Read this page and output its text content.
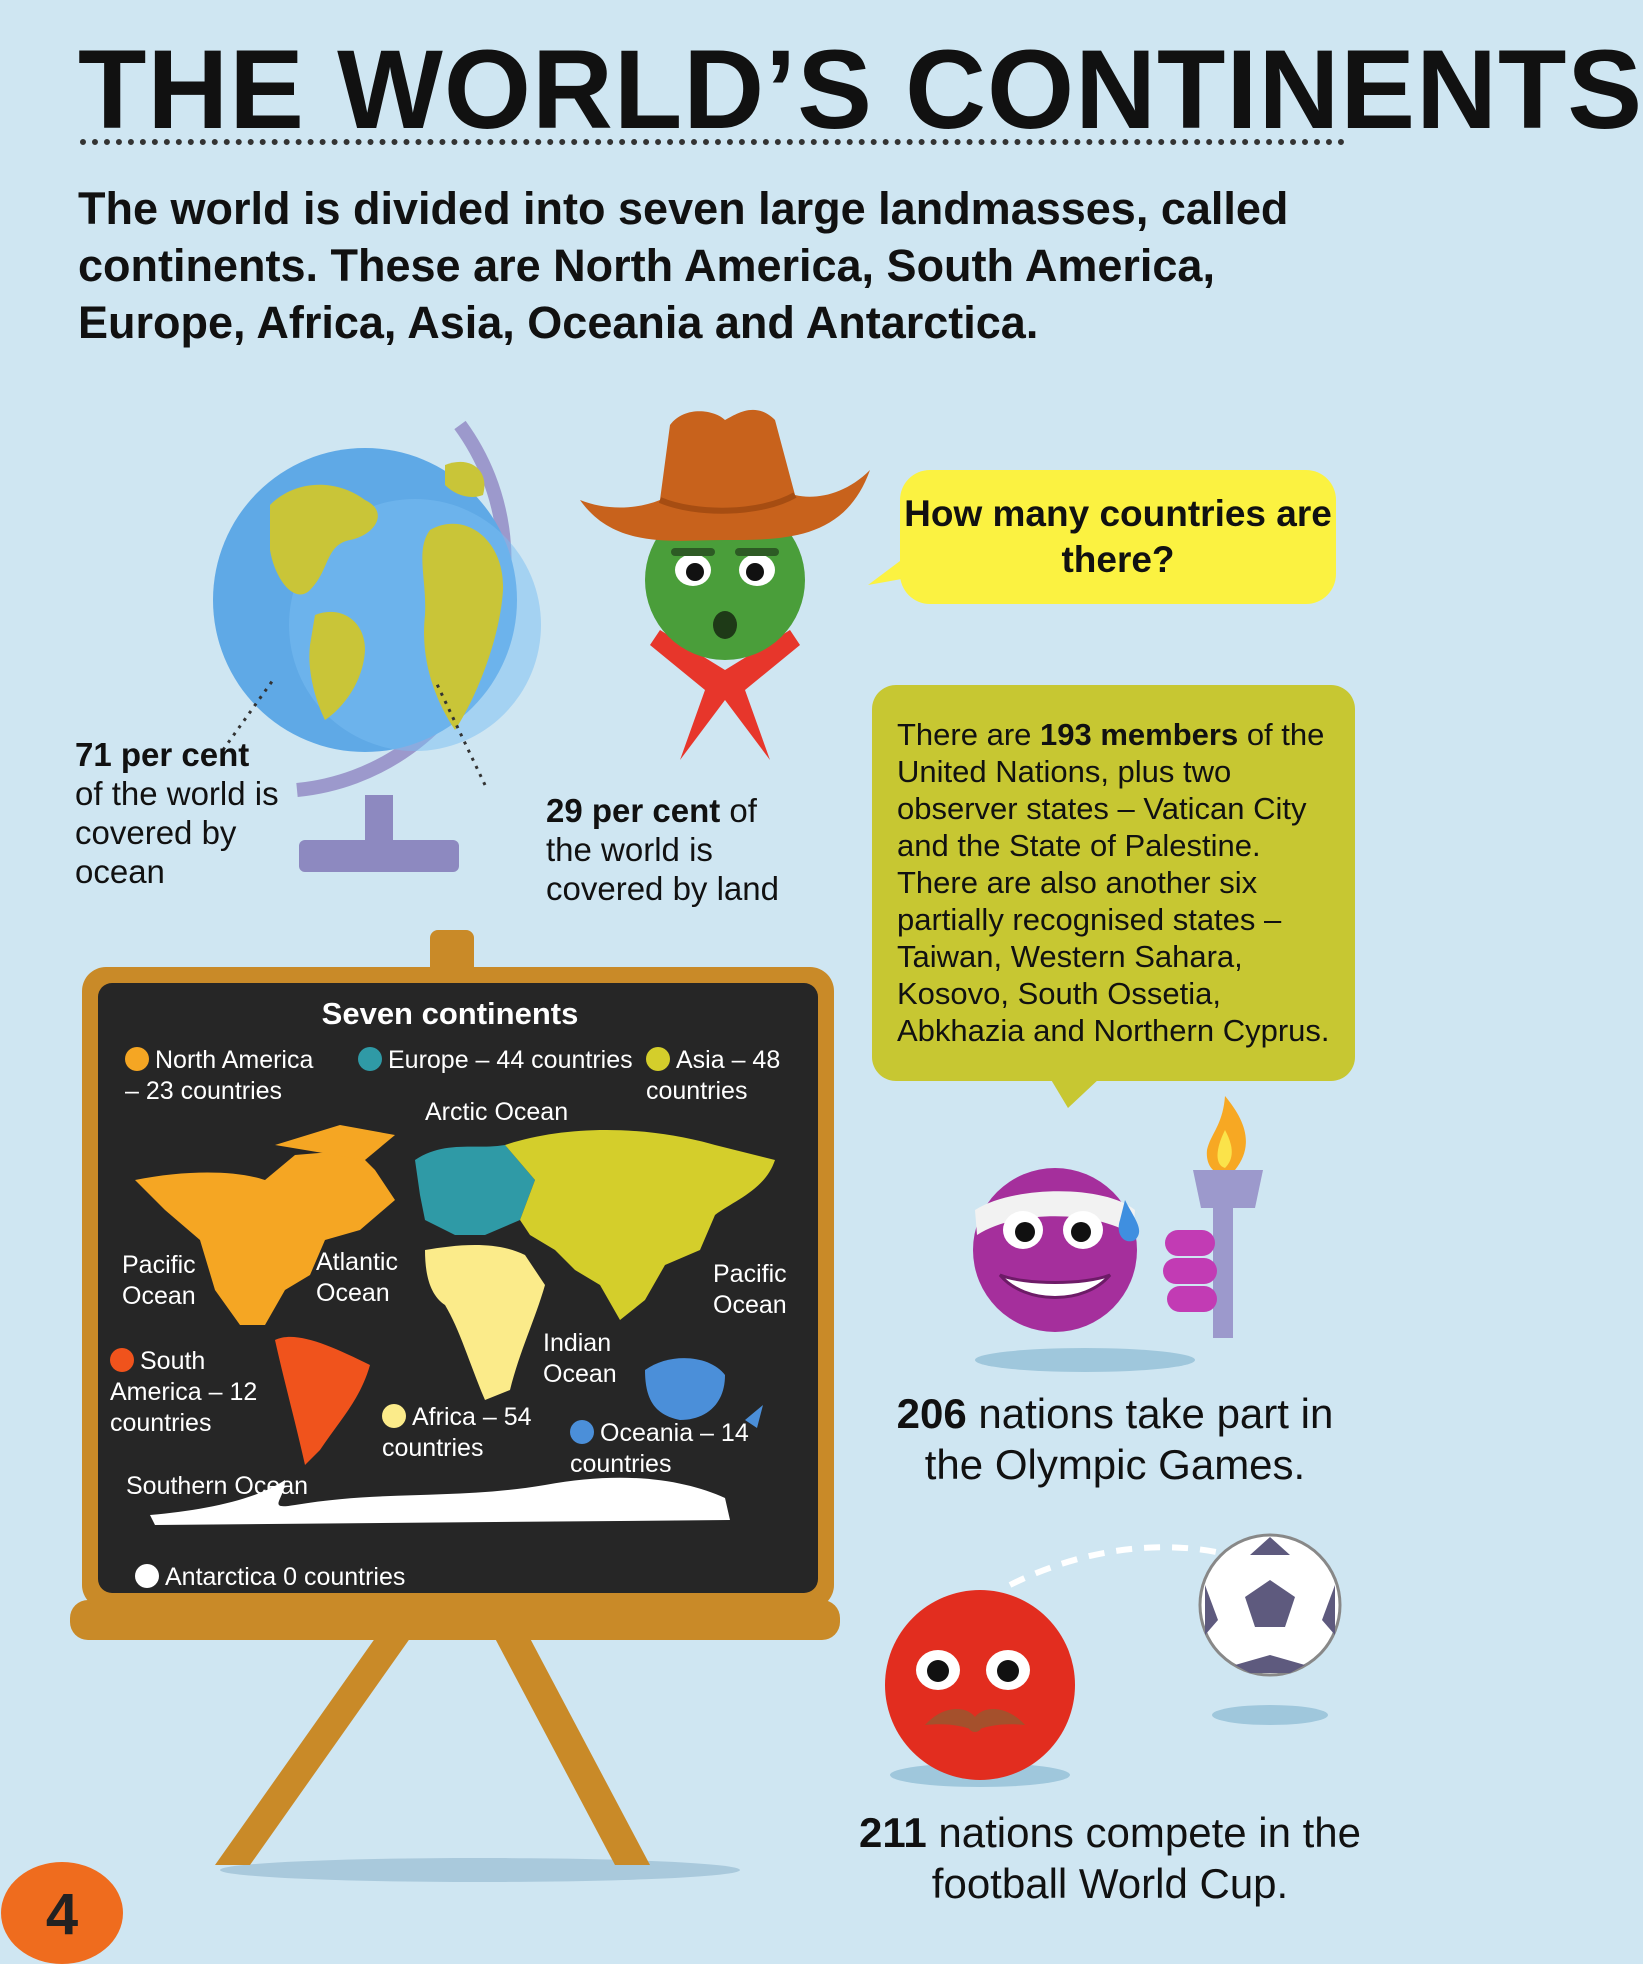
THE WORLD’S CONTINENTS
The world is divided into seven large landmasses, called continents. These are North America, South America, Europe, Africa, Asia, Oceania and Antarctica.
71 per cent
of the world is covered by ocean
29 per cent of the world is covered by land
How many countries are there?
There are 193 members of the United Nations, plus two observer states – Vatican City and the State of Palestine. There are also another six partially recognised states – Taiwan, Western Sahara, Kosovo, South Ossetia, Abkhazia and Northern Cyprus.
206 nations take part in the Olympic Games.
211 nations compete in the football World Cup.
Seven continents
North America – 23 countries
Europe – 44 countries	Asia – 48 countries
South America – 12 countries	Africa – 54 countries
Oceania – 14 countries
Antarctica 0 countries
Arctic Ocean
Pacific Ocean
Atlantic Ocean
Pacific Ocean
Indian Ocean
Southern Ocean
4
